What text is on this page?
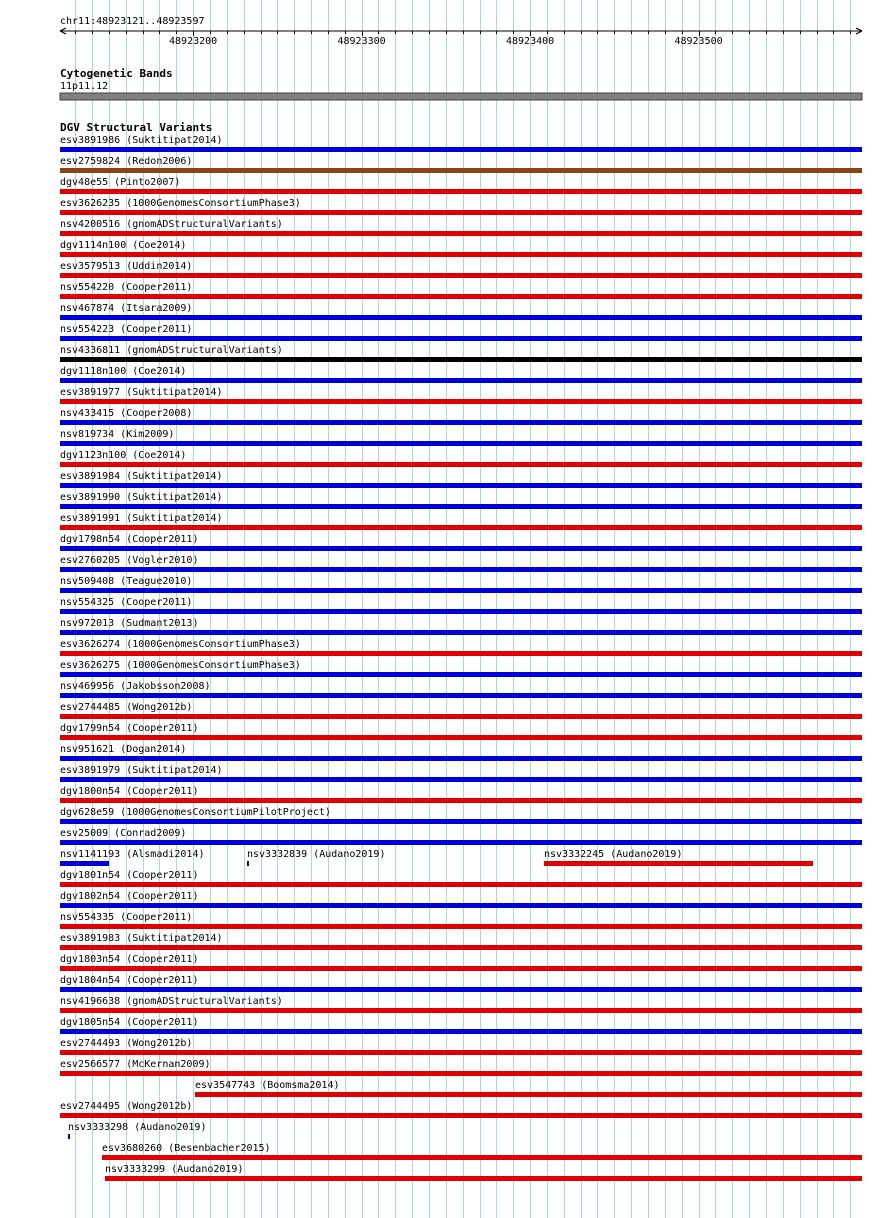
chr11:48923121..48923597
48923200	48923300	48923400	48923500
Cytogenetic Bands
11p11.12
DGV Structural Variants
esv3891986 (Suktitipat2014)
esv2759824 (Redon2006)
dgv48e55 (Pinto2007)
esv3626235 (1000GenomesConsortiumPhase3)
nsv4200516 (gnomADStructuralVariants)
dgv1114n100 (Coe2014)
esv3579513 (Uddin2014)
nsv554220 (Cooper2011)
nsv467874 (Itsara2009)
nsv554223 (Cooper2011)
nsv4336811 (gnomADStructuralVariants)
dgv1118n100 (Coe2014)
esv3891977 (Suktitipat2014)
nsv433415 (Cooper2008)
nsv819734 (Kim2009)
dgv1123n100 (Coe2014)
esv3891984 (Suktitipat2014)
esv3891990 (Suktitipat2014)
esv3891991 (Suktitipat2014)
dgv1798n54 (Cooper2011)
esv2760205 (Vogler2010)
nsv509408 (Teague2010)
nsv554325 (Cooper2011)
nsv972013 (Sudmant2013)
esv3626274 (1000GenomesConsortiumPhase3)
esv3626275 (1000GenomesConsortiumPhase3)
nsv469956 (Jakobsson2008)
esv2744485 (Wong2012b)
dgv1799n54 (Cooper2011)
nsv951621 (Dogan2014)
esv3891979 (Suktitipat2014)
dgv1800n54 (Cooper2011)
dgv628e59 (1000GenomesConsortiumPilotProject)
esv25009 (Conrad2009)
nsv1141193 (Alsmadi2014)	nsv3332839 (Audano2019)	nsv3332245 (Audano2019)
dgv1801n54 (Cooper2011)
dgv1802n54 (Cooper2011)
nsv554335 (Cooper2011)
esv3891983 (Suktitipat2014)
dgv1803n54 (Cooper2011)
dgv1804n54 (Cooper2011)
nsv4196638 (gnomADStructuralVariants)
dgv1805n54 (Cooper2011)
esv2744493 (Wong2012b)
esv2566577 (McKernan2009)
esv3547743 (Boomsma2014)
esv2744495 (Wong2012b)
nsv3333298 (Audano2019)
esv3680260 (Besenbacher2015)
nsv3333299 (Audano2019)
